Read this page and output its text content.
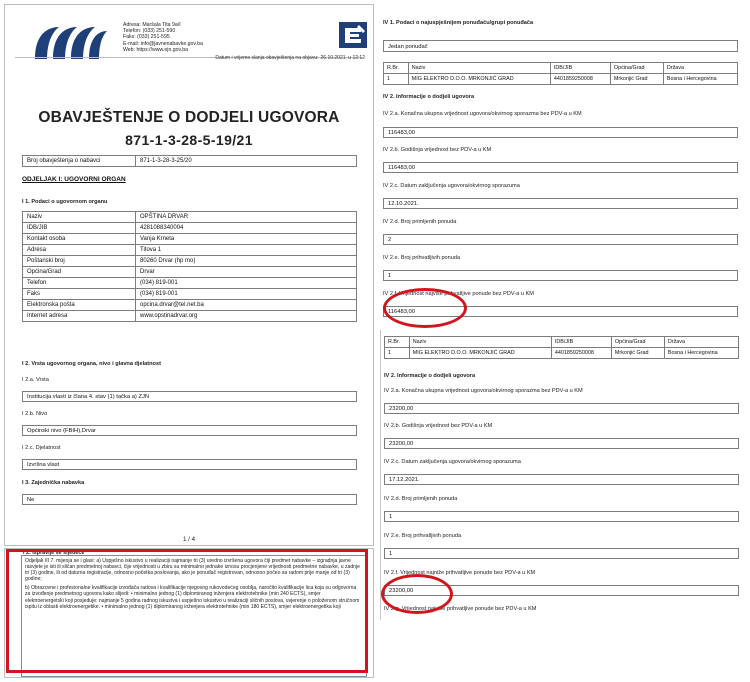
Adresa: Maršala Tita 9a/I
Telefon: (033) 251-590
Faks: (033) 251-595
E-mail: info@javnenabavke.gov.ba
Web: https://www.ejn.gov.ba
Datum i vrijeme slanja obavještenja na objavu: 26.10.2021. u 12:12
OBAVJEŠTENJE O DODJELI UGOVORA
871-1-3-28-5-19/21
Broj obavještenja o nabavci	871-1-3-28-3-25/20
ODJELJAK I: UGOVORNI ORGAN
I 1. Podaci o ugovornom organu
Naziv	OPŠTINA DRVAR
IDB/JIB	4281088340004
Kontakt osoba	Vanja Krneta
Adresa	Titova 1
Poštanski broj	80260 Drvar (hp mo)
Općina/Grad	Drvar
Telefon	(034) 819-001
Faks	(034) 819-001
Elektronska pošta	opcina.drvar@tel.net.ba
Internet adresa	www.opstinadrvar.org
I 2. Vrsta ugovornog organa, nivo i glavna djelatnost
I 2.a. Vrsta
Institucija vlasti iz člana 4. stav (1) tačka a) ZJN
I 2.b. Nivo
Općinski nivo (FBIH),Drvar
I 2.c. Djelatnost
Izvršna vlast
I 3. Zajednička nabavka
Ne
1 / 4
I Z. Ispravije se sljedece

Odjeljak III 7. mijenja se i glasi: a) Uspješno iskustvo u realizaciji najmanje tri (3) uredno izvršena ugovora čiji predmet nabavke – izgradnja javne rasvjete je isti ili sličan predmetnoj nabavci, čije vrijednosti u zbiru su minimalno jednake iznosu procjenjene vrijednosti predmetne nabavke, u zadnje tri (3) godine, ili od datuma registracije, odnosno početka poslovanja, ako je ponuđač registrovan, odnosno počeo sa radom prije manje od tri (3) godine;

b) Obrazovne i profesionalne kvalifikacije izvođača radova i kvalifikacije njegovog rukovodećeg osoblja, naročito kvalifikacije lica koja su odgovorna za izvođenje predmetnog ugovora kako slijedi: • minimalno jednog (1) diplomiranog inženjera elektrotehnike (min 240 ECTS), smjer elektroenergetski koji posjeduje: najmanje 5 godina radnog iskustva i uspješno iskustvo u realizaciji sličnih poslova, uvjerenje o položenom stručnom ispitu iz oblasti elektroenergetike. • minimalno jednog (1) diplomiranog inženjera elektrotehnike (min 180 ECTS), smjer elektroenergetika koji

IV 1. Podaci o najuspješnijem ponuđaču/grupi ponuđača
Jedan ponuđač
R.Br.	Naziv	IDB/JIB	Općina/Grad	Država
1	MIG ELEKTRO D.O.O. MRKONJIĆ GRAD	4401859250008	Mrkonjić Grad	Bosna i Hercegovina
IV 2. Informacije o dodjeli ugovora
IV 2.a. Konačna ukupna vrijednost ugovora/okvirnog sporazma bez PDV-a u KM
116483,00
IV 2.b. Godišnja vrijednost bez PDV-a u KM
116483,00
IV 2.c. Datum zaključenja ugovora/okvirnog sporazuma
12.10.2021.
IV 2.d. Broj primljenih ponuda
2
IV 2.e. Broj prihvatljivih ponuda
1
IV 2.f. Vrijednost najviše prihvatljive ponude bez PDV-a u KM
116483,00
R.Br.	Naziv	IDB/JIB	Općina/Grad	Država
1	MIG ELEKTRO D.O.O. MRKONJIĆ GRAD	4401859250008	Mrkonjić Grad	Bosna i Hercegovina
IV 2. Informacije o dodjeli ugovora
IV 2.a. Konačna ukupna vrijednost ugovora/okvirnog sporazma bez PDV-a u KM
23200,00
IV 2.b. Godišnja vrijednost bez PDV-a u KM
23200,00
IV 2.c. Datum zaključenja ugovora/okvirnog sporazuma
17.12.2021.
IV 2.d. Broj primljenih ponuda
1
IV 2.e. Broj prihvatljivih ponuda
1
IV 2.f. Vrijednost najniže prihvatljive ponude bez PDV-a u KM
23200,00
IV 2.g. Vrijednost najviše prihvatljive ponude bez PDV-a u KM
